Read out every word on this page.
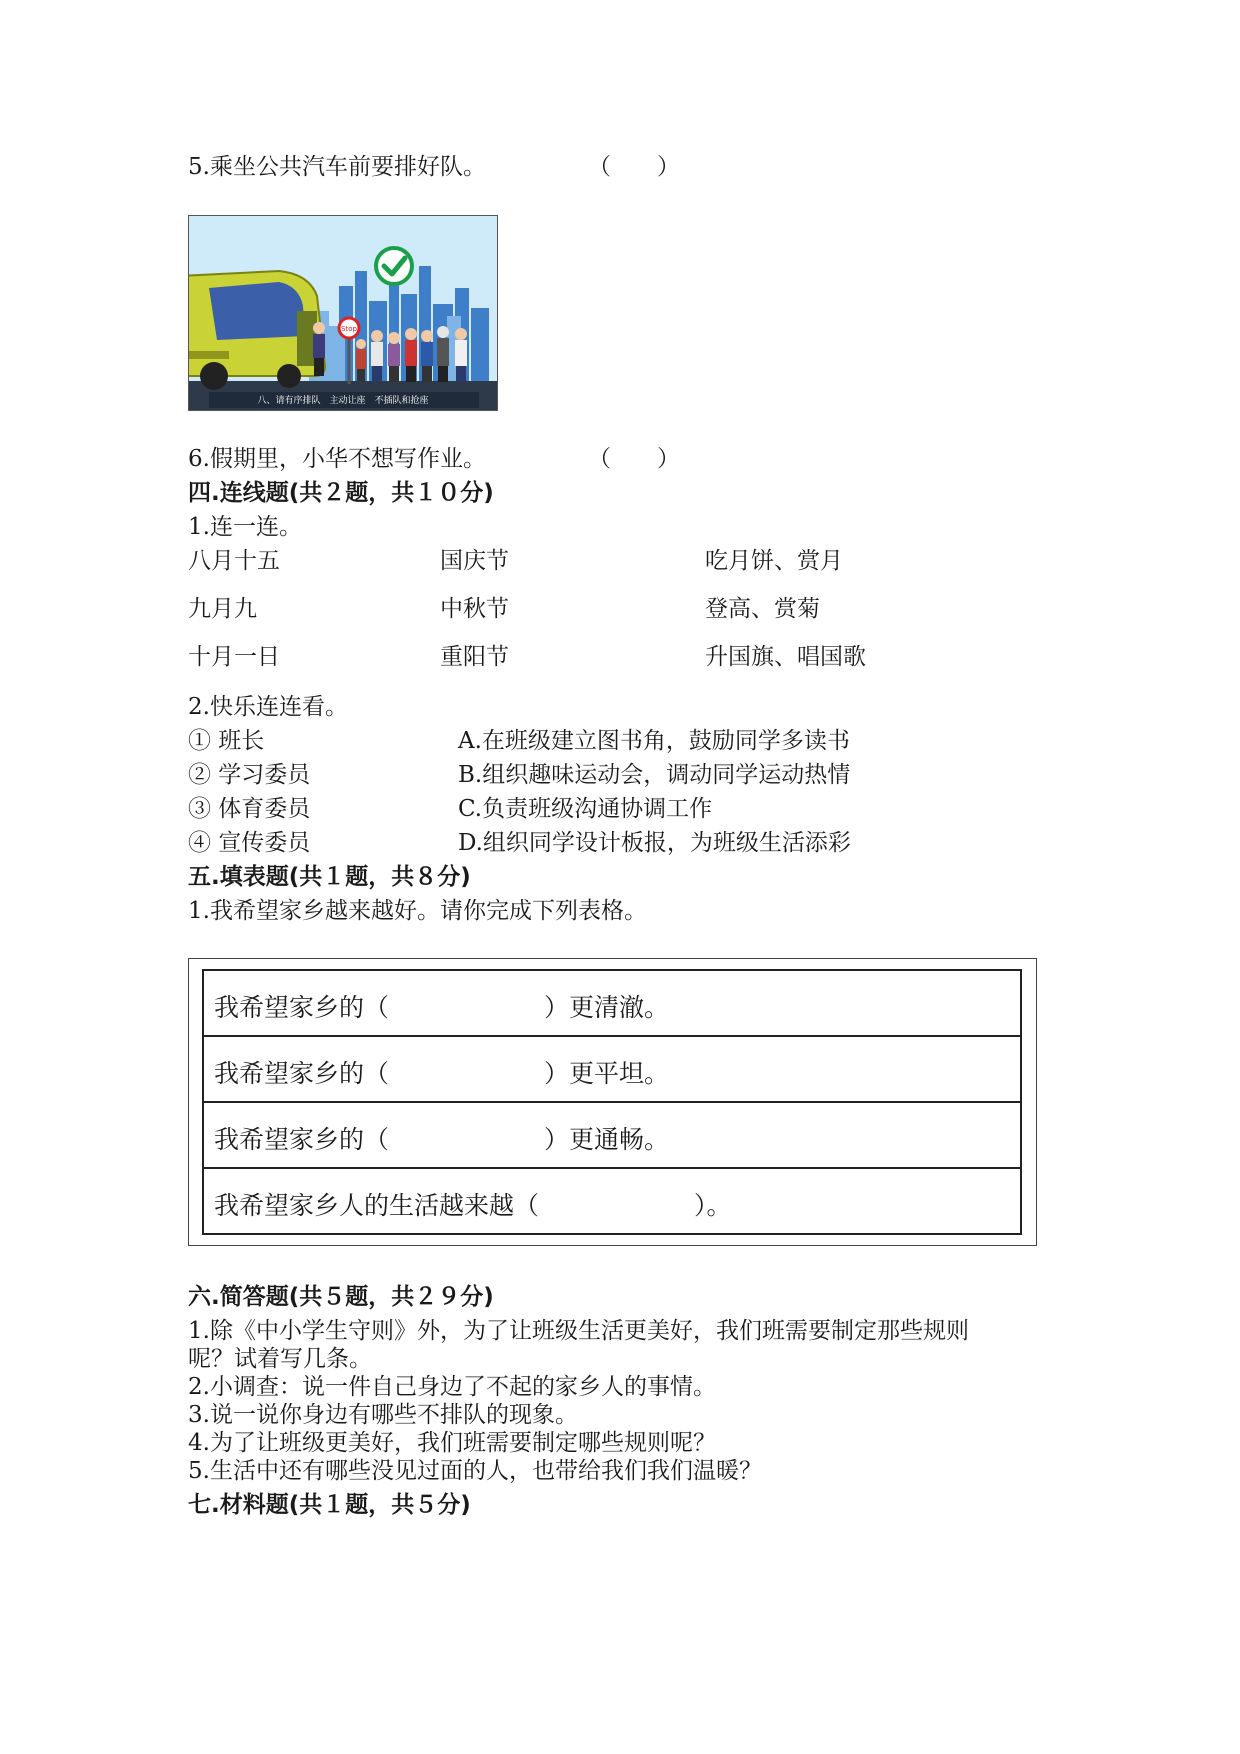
5.乘坐公共汽车前要排好队。	（　　）
Stop
八、请有序排队　主动让座　不插队和抢座
6.假期里，小华不想写作业。	（　　）
四.连线题(共２题，共１０分)
1.连一连。
八月十五	国庆节	吃月饼、赏月
九月九	中秋节	登高、赏菊
十月一日	重阳节	升国旗、唱国歌
2.快乐连连看。
① 班长	A.在班级建立图书角，鼓励同学多读书
② 学习委员	B.组织趣味运动会，调动同学运动热情
③ 体育委员	C.负责班级沟通协调工作
④ 宣传委员	D.组织同学设计板报，为班级生活添彩
五.填表题(共１题，共８分)
1.我希望家乡越来越好。请你完成下列表格。
我希望家乡的（	）更清澈。
我希望家乡的（	）更平坦。
我希望家乡的（	）更通畅。
我希望家乡人的生活越来越（	）。
六.简答题(共５题，共２９分)
1.除《中小学生守则》外，为了让班级生活更美好，我们班需要制定那些规则
呢？试着写几条。
2.小调查：说一件自己身边了不起的家乡人的事情。
3.说一说你身边有哪些不排队的现象。
4.为了让班级更美好，我们班需要制定哪些规则呢？
5.生活中还有哪些没见过面的人，也带给我们我们温暖？
七.材料题(共１题，共５分)
